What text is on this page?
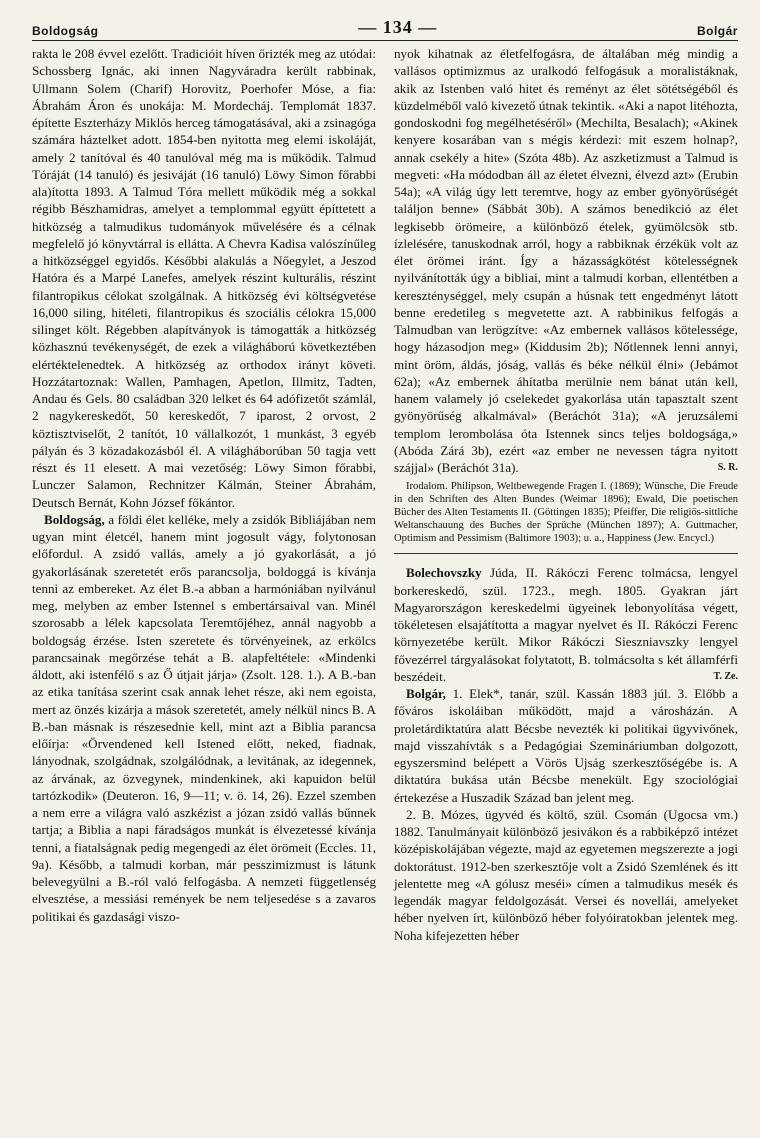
Boldogság	— 134 —	Bolgár

rakta le 208 évvel ezelőtt. Tradicióit híven őrizték meg az utódai: Schossberg Ignác, aki innen Nagyváradra került rabbinak, Ullmann Solem (Charif) Horovitz, Poerhofer Móse, a fia: Ábrahám Áron és unokája: M. Mordecháj. Templomát 1837. építette Eszterházy Miklós herceg támogatásával, aki a zsinagóga számára háztelket adott. 1854-ben nyitotta meg elemi iskoláját, amely 2 tanítóval és 40 tanulóval még ma is működik. Talmud Tóráját (14 tanuló) és jesiváját (16 tanuló) Löwy Simon főrabbi ala)ította 1893. A Talmud Tóra mellett működik még a sokkal régibb Bészhamidras, amelyet a templommal együtt építtetett a hitközség a talmudikus tudományok művelésére és a célnak megfelelő jó könyvtárral is ellátta. A Chevra Kadisa valószínűleg a hitközséggel egyidős. Későbbi alakulás a Nőegylet, a Jeszod Hatóra és a Marpé Lanefes, amelyek részint kulturális, részint filantropikus célokat szolgálnak. A hitközség évi költségvetése 16,000 siling, hitéleti, filantropikus és szociális célokra 15,000 silinget költ. Régebben alapítványok is támogatták a hitközség közhasznú tevékenységét, de ezek a világháború következtében elértéktelenedtek. A hitközség az orthodox irányt követi. Hozzátartoznak: Wallen, Pamhagen, Apetlon, Illmitz, Tadten, Andau és Gels. 80 családban 320 lelket és 64 adófizetőt számlál, 2 nagykereskedőt, 50 kereskedőt, 7 iparost, 2 orvost, 2 köztisztviselőt, 2 tanítót, 10 vállalkozót, 1 munkást, 3 egyéb pályán és 3 közadakozásból él. A világháborúban 50 tagja vett részt és 11 elesett. A mai vezetőség: Löwy Simon főrabbi, Lunczer Salamon, Rechnitzer Kálmán, Steiner Ábrahám, Deutsch Bernát, Kohn József főkántor.

Boldogság, a földi élet kelléke, mely a zsidók Bibliájában nem ugyan mint életcél, hanem mint jogosult vágy, folytonosan előfordul. A zsidó vallás, amely a jó gyakorlását, a jó gyakorlásának szeretetét erős parancsolja, boldoggá is kívánja tenni az embereket. Az élet B.-a abban a harmóniában nyilvánul meg, melyben az ember Istennel s embertársaival van. Minél szorosabb a lélek kapcsolata Teremtőjéhez, annál nagyobb a boldogság érzése. Isten szeretete és törvényeinek, az erkölcs parancsainak megőrzése tehát a B. alapfeltétele: «Mindenki áldott, aki istenfélő s az Ő útjait járja» (Zsolt. 128. 1.). A B.-ban az etika tanítása szerint csak annak lehet része, aki nem egoista, mert az önzés kizárja a mások szeretetét, amely nélkül nincs B. A B.-ban másnak is részesednie kell, mint azt a Biblia parancsa előírja: «Örvendened kell Istened előtt, neked, fiadnak, lányodnak, szolgádnak, szolgálódnak, a levitának, az idegennek, az árvának, az özvegynek, mindenkinek, aki kapuidon belül tartózkodik» (Deuteron. 16, 9—11; v. ö. 14, 26). Ezzel szemben a nem erre a világra való aszkézist a józan zsidó vallás bűnnek tartja; a Biblia a napi fáradságos munkát is élvezetessé kívánja tenni, a fiatalságnak pedig megengedi az élet örömeit (Eccles. 11, 9a). Később, a talmudi korban, már pesszimizmust is látunk belevegyülni a B.-ról való felfogásba. A nemzeti függetlenség elvesztése, a messiási remények be nem teljesedése s a zavaros politikai és gazdasági viszo-

nyok kihatnak az életfelfogásra, de általában még mindig a vallásos optimizmus az uralkodó felfogásuk a moralistáknak, akik az Istenben való hitet és reményt az élet sötétségéből és küzdelméből való kivezető útnak tekintik. «Aki a napot litéhozta, gondoskodni fog megélhetéséről» (Mechilta, Besalach); «Akinek kenyere kosarában van s mégis kérdezi: mit eszem holnap?, annak csekély a hite» (Szóta 48b). Az aszketizmust a Talmud is megveti: «Ha módodban áll az életet élvezni, élvezd azt» (Erubin 54a); «A világ úgy lett teremtve, hogy az ember gyönyörűségét találjon benne» (Sábbát 30b). A számos benedikció az élet legkisebb örömeire, a különböző ételek, gyümölcsök stb. ízlelésére, tanuskodnak arról, hogy a rabbiknak érzékük volt az élet örömei iránt. Így a házasságkötést kötelességnek nyilvánították úgy a bibliai, mint a talmudi korban, ellentétben a kereszténységgel, mely csupán a húsnak tett engedményt látott benne eredetileg s megvetette azt. A rabbinikus felfogás a Talmudban van lerögzítve: «Az embernek vallásos kötelessége, hogy házasodjon meg» (Kiddusim 2b); Nőtlennek lenni annyi, mint öröm, áldás, jóság, vallás és béke nélkül élni» (Jebámot 62a); «Az embernek áhítatba merülnie nem bánat után kell, hanem valamely jó cselekedet gyakorlása után tapasztalt szent gyönyörűség alkalmával» (Beráchót 31a); «A jeruzsálemi templom lerombolása óta Istennek sincs teljes boldogsága,» (Abóda Zárá 3b), ezért «az ember ne nevessen tágra nyitott szájjal» (Beráchót 31a).	S. R.

Irodalom. Philipson, Weltbewegende Fragen I. (1869); Wünsche, Die Freude in den Schriften des Alten Bundes (Weimar 1896); Ewald, Die poetischen Bücher des Alten Testaments II. (Göttingen 1835); Pfeiffer, Die religiös-sittliche Weltanschauung des Buches der Sprüche (München 1897); A. Guttmacher, Optimism and Pessimism (Baltimore 1903); u. a., Happiness (Jew. Encycl.)

Bolechovszky Júda, II. Rákóczi Ferenc tolmácsa, lengyel borkereskedő, szül. 1723., megh. 1805. Gyakran járt Magyarországon kereskedelmi ügyeinek lebonyolítása végett, tökéletesen elsajátította a magyar nyelvet és II. Rákóczi Ferenc környezetébe került. Mikor Rákóczi Sieszniavszky lengyel fővezérrel tárgyalásokat folytatott, B. tolmácsolta s két államférfi beszédeit.	T. Ze.

Bolgár, 1. Elek*, tanár, szül. Kassán 1883 júl. 3. Előbb a főváros iskoláiban működött, majd a városházán. A proletárdiktatúra alatt Bécsbe nevezték ki politikai ügyvivőnek, majd visszahívták s a Pedagógiai Szemináriumban dolgozott, egyszersmind belépett a Vörös Ujság szerkesztőségébe is. A diktatúra bukása után Bécsbe menekült. Egy szociológiai értekezése a Huszadik Század ban jelent meg.

2. B. Mózes, ügyvéd és költő, szül. Csomán (Ugocsa vm.) 1882. Tanulmányait különböző jesivákon és a rabbiképző intézet középiskolájában végezte, majd az egyetemen megszerezte a jogi doktorátust. 1912-ben szerkesztője volt a Zsidó Szemlének és itt jelentette meg «A gólusz meséi» címen a talmudikus mesék és legendák magyar feldolgozását. Versei és novellái, amelyeket héber nyelven írt, különböző héber folyóiratokban jelentek meg. Noha kifejezetten héber
